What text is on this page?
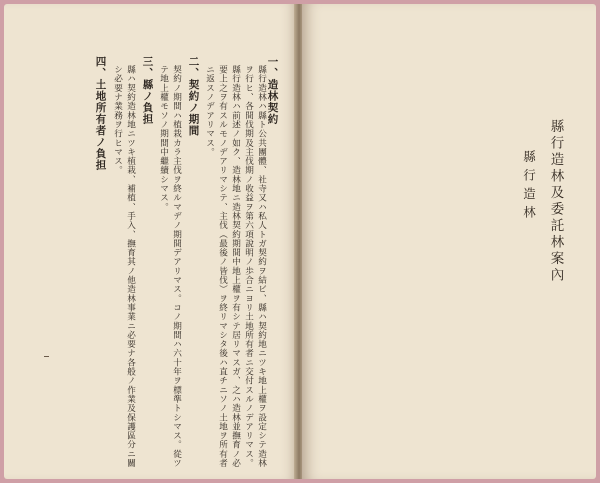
縣行造林ハ縣ト公共團體、社寺又ハ私人トガ契約ヲ結ビ、縣ハ契約地ニツキ地上權ヲ設定シテ造林 一、造林契約
ヲ行ヒ、各間伐期及主伐期ノ收益ヲ第六項說明ノ歩合ニヨリ土地所有者ニ交付スルノデアリマス。
縣行造林ハ前述ノ如ク、造林地ニ造林契約期間中地上權ヲ有シテ居リマスガ、之ハ造林並撫育ノ必
要上之ヲ有スルモノデアリマシテ、主伐（最後ノ皆伐）ヲ終リマシタ後ハ直チニソノ土地ヲ所有者
ニ返スノデアリマス。
二、契約ノ期間
契約ノ期間ハ植栽カラ主伐ヲ終ルマデノ期間デアリマス。コノ期間ハ六十年ヲ標準トシマス。從ツ
テ地上權モソノ期間中繼續シマス。
三、縣ノ負担
縣ハ契約造林地ニツキ植栽、補植、手入、撫育其ノ他造林事業ニ必要ナ各般ノ作業及保護區分ニ關
シ必要ナ業務ヲ行ヒマス。
四、土地所有者ノ負担
縣行造林及委託林案內
縣行造林
